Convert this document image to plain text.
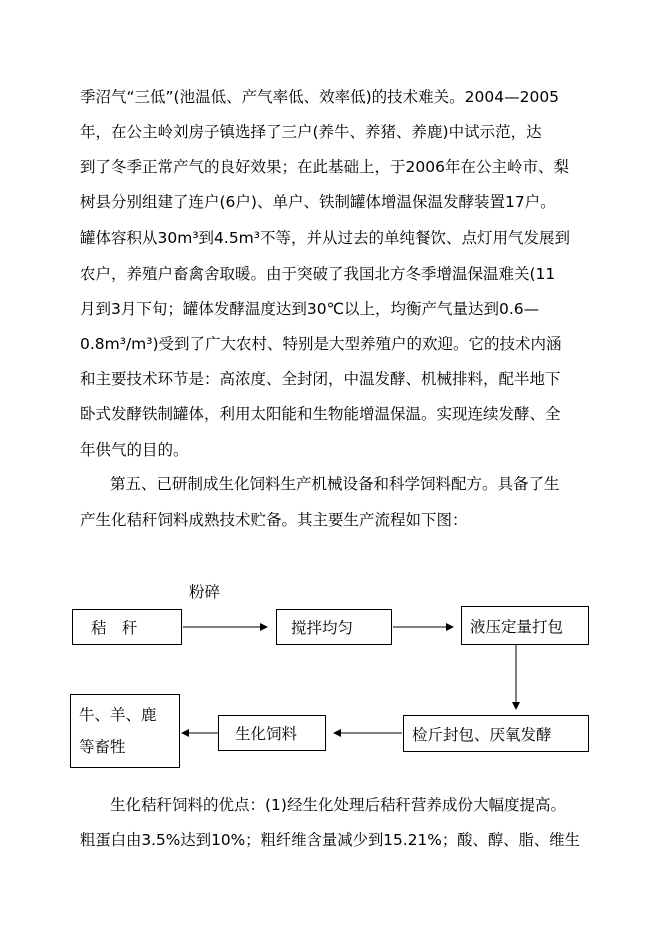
季沼气“三低”(池温低、产气率低、效率低)的技术难关。2004—2005
年，在公主岭刘房子镇选择了三户(养牛、养猪、养鹿)中试示范，达
到了冬季正常产气的良好效果；在此基础上，于2006年在公主岭市、梨
树县分别组建了连户(6户)、单户、铁制罐体增温保温发酵装置17户。
罐体容积从30m³到4.5m³不等，并从过去的单纯餐饮、点灯用气发展到
农户，养殖户畜禽舍取暖。由于突破了我国北方冬季增温保温难关(11
月到3月下旬；罐体发酵温度达到30℃以上，均衡产气量达到0.6—
0.8m³/m³)受到了广大农村、特别是大型养殖户的欢迎。它的技术内涵
和主要技术环节是：高浓度、全封闭，中温发酵、机械排料，配半地下
卧式发酵铁制罐体，利用太阳能和生物能增温保温。实现连续发酵、全
年供气的目的。
第五、已研制成生化饲料生产机械设备和科学饲料配方。具备了生
产生化秸秆饲料成熟技术贮备。其主要生产流程如下图：
粉碎
秸　秆	搅拌均匀	液压定量打包
检斤封包、厌氧发酵
生化饲料
牛、羊、鹿
等畜牲
生化秸秆饲料的优点：(1)经生化处理后秸秆营养成份大幅度提高。
粗蛋白由3.5%达到10%；粗纤维含量减少到15.21%；酸、醇、脂、维生
